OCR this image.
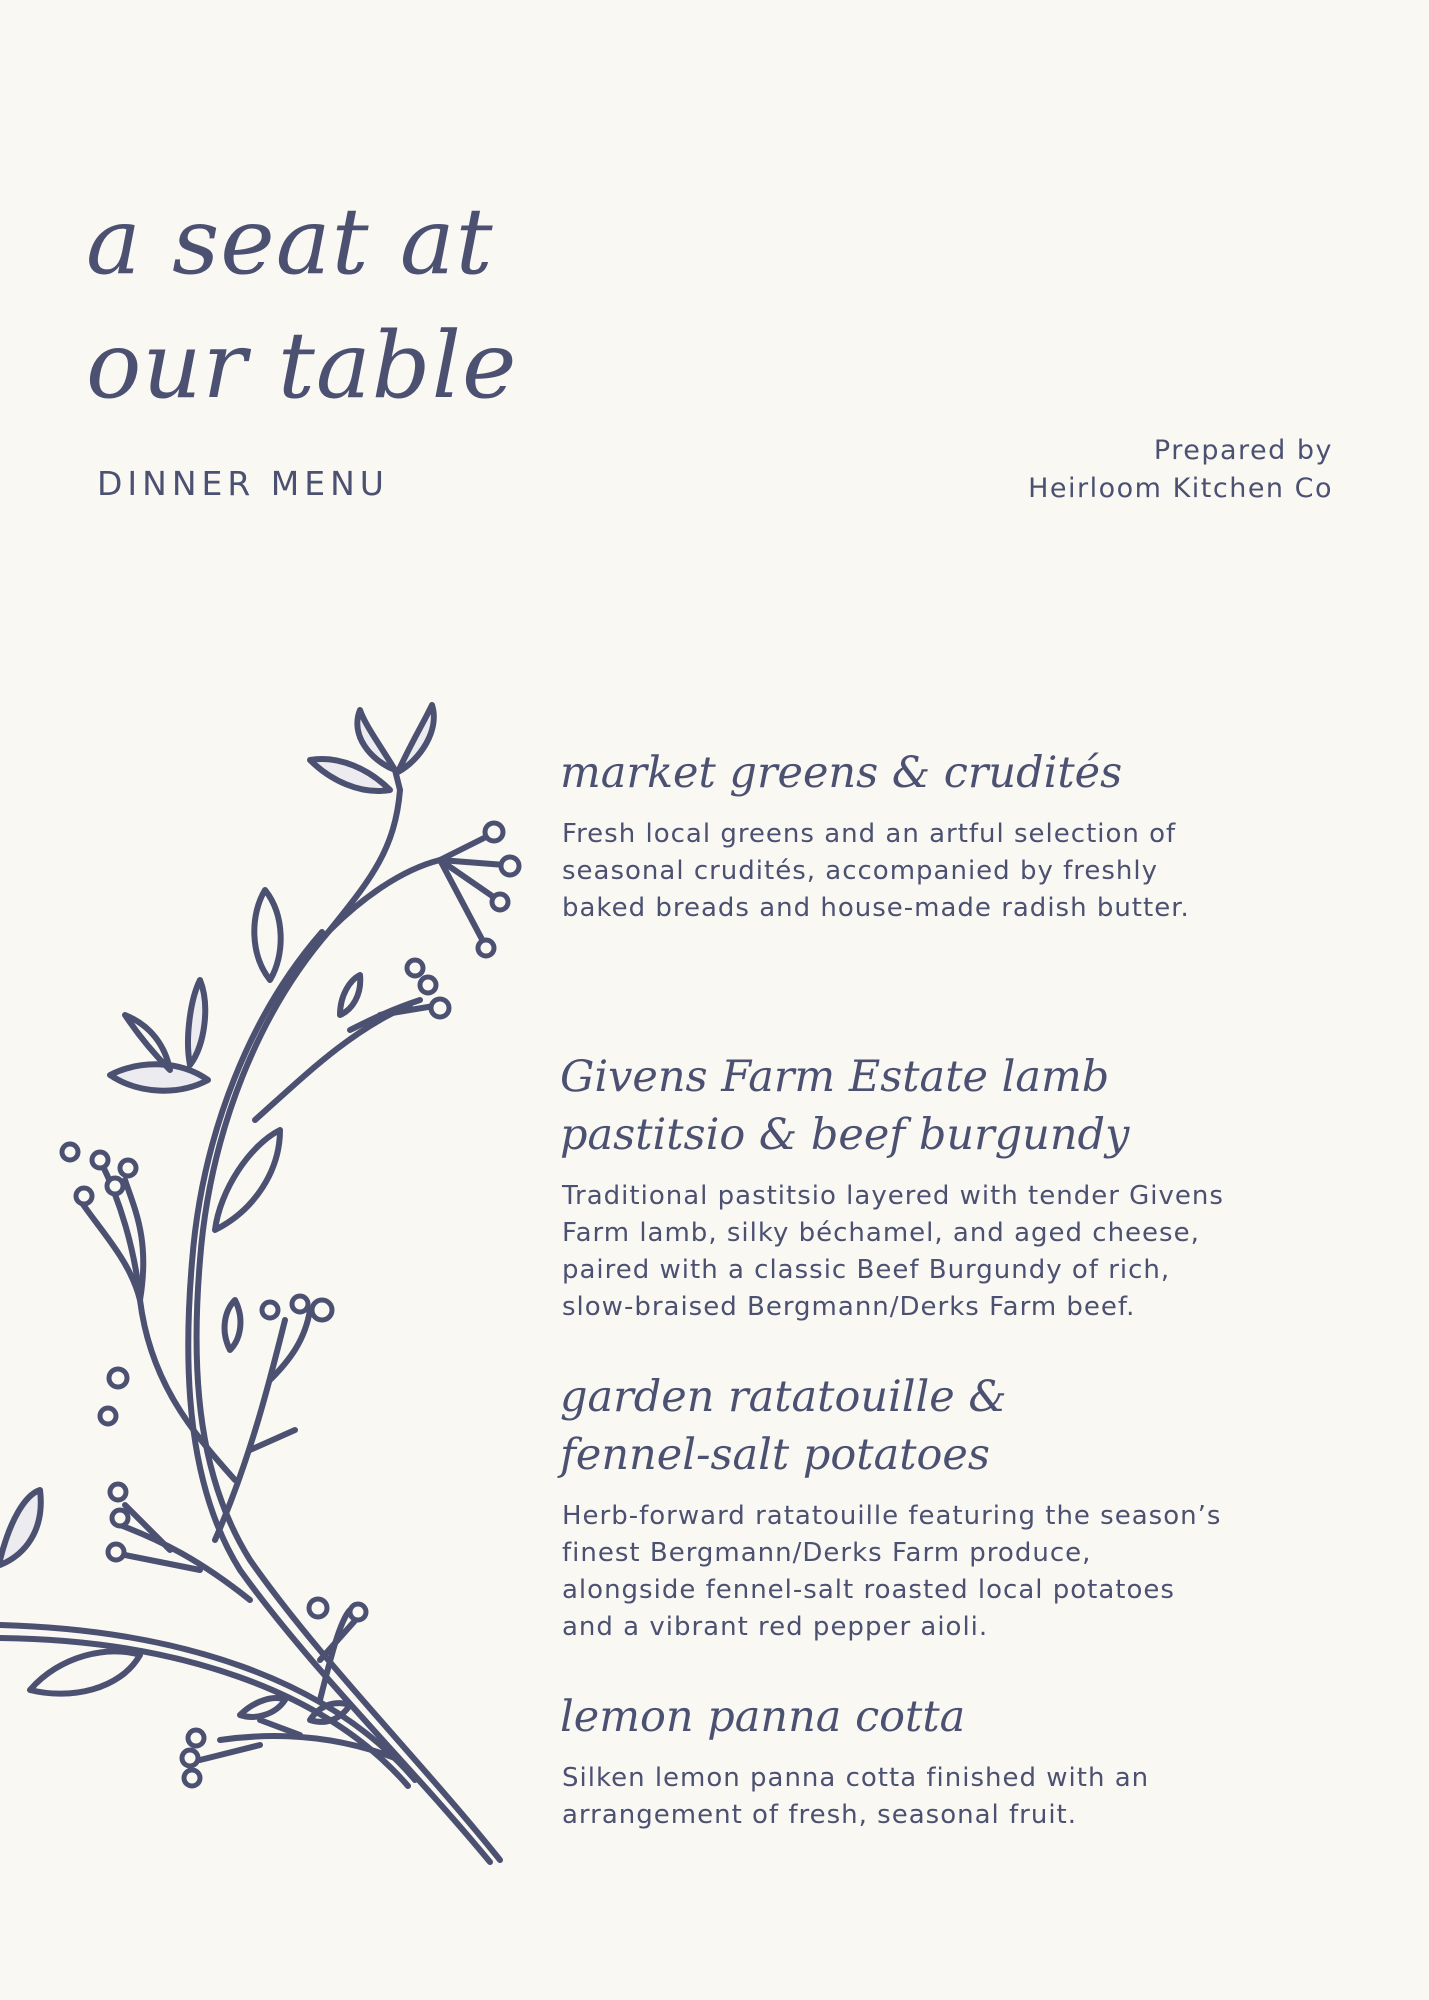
a seat at
our table
DINNER MENU
Prepared by
Heirloom Kitchen Co
market greens & crudités

Fresh local greens and an artful selection of
seasonal crudités, accompanied by freshly
baked breads and house-made radish butter.

Givens Farm Estate lamb
pastitsio & beef burgundy

Traditional pastitsio layered with tender Givens
Farm lamb, silky béchamel, and aged cheese,
paired with a classic Beef Burgundy of rich,
slow-braised Bergmann/Derks Farm beef.

garden ratatouille &
fennel-salt potatoes

Herb-forward ratatouille featuring the season’s
finest Bergmann/Derks Farm produce,
alongside fennel-salt roasted local potatoes
and a vibrant red pepper aioli.

lemon panna cotta

Silken lemon panna cotta finished with an
arrangement of fresh, seasonal fruit.
